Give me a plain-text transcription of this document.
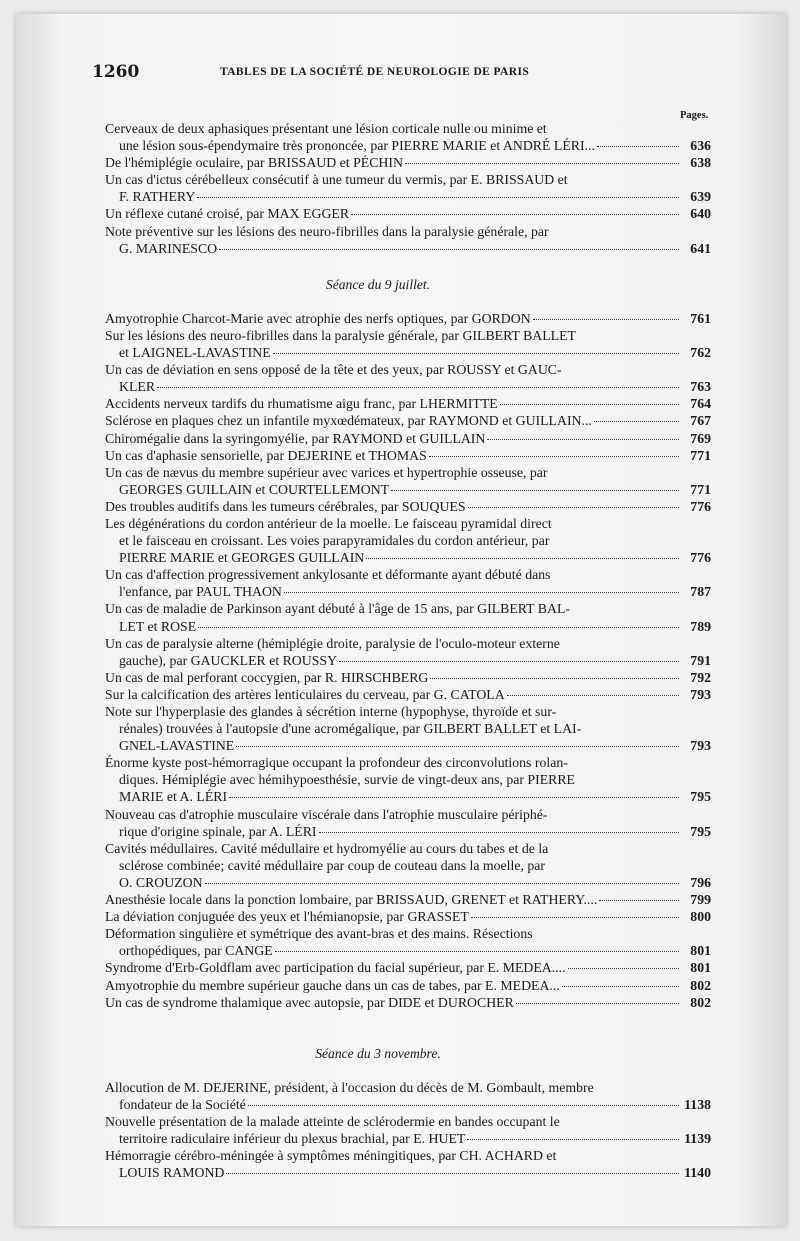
1260	TABLES DE LA SOCIÉTÉ DE NEUROLOGIE DE PARIS
Pages.
Cerveaux de deux aphasiques présentant une lésion corticale nulle ou minime et
une lésion sous-épendymaire très prononcée, par PIERRE MARIE et ANDRÉ LÉRI...	636
De l'hémiplégie oculaire, par BRISSAUD et PÉCHIN	638
Un cas d'ictus cérébelleux consécutif à une tumeur du vermis, par E. BRISSAUD et
F. RATHERY	639
Un réflexe cutané croisé, par MAX EGGER	640
Note préventive sur les lésions des neuro-fibrilles dans la paralysie générale, par
G. MARINESCO	641
Séance du 9 juillet.
Amyotrophie Charcot-Marie avec atrophie des nerfs optiques, par GORDON	761
Sur les lésions des neuro-fibrilles dans la paralysie générale, par GILBERT BALLET
et LAIGNEL-LAVASTINE	762
Un cas de déviation en sens opposé de la tête et des yeux, par ROUSSY et GAUC-
KLER	763
Accidents nerveux tardifs du rhumatisme aigu franc, par LHERMITTE	764
Sclérose en plaques chez un infantile myxœdémateux, par RAYMOND et GUILLAIN...	767
Chiromégalie dans la syringomyélie, par RAYMOND et GUILLAIN	769
Un cas d'aphasie sensorielle, par DEJERINE et THOMAS	771
Un cas de nævus du membre supérieur avec varices et hypertrophie osseuse, par
GEORGES GUILLAIN et COURTELLEMONT	771
Des troubles auditifs dans les tumeurs cérébrales, par SOUQUES	776
Les dégénérations du cordon antérieur de la moelle. Le faisceau pyramidal direct
et le faisceau en croissant. Les voies parapyramidales du cordon antérieur, par
PIERRE MARIE et GEORGES GUILLAIN	776
Un cas d'affection progressivement ankylosante et déformante ayant débuté dans
l'enfance, par PAUL THAON	787
Un cas de maladie de Parkinson ayant débuté à l'âge de 15 ans, par GILBERT BAL-
LET et ROSE	789
Un cas de paralysie alterne (hémiplégie droite, paralysie de l'oculo-moteur externe
gauche), par GAUCKLER et ROUSSY	791
Un cas de mal perforant coccygien, par R. HIRSCHBERG	792
Sur la calcification des artères lenticulaires du cerveau, par G. CATOLA	793
Note sur l'hyperplasie des glandes à sécrétion interne (hypophyse, thyroïde et sur-
rénales) trouvées à l'autopsie d'une acromégalique, par GILBERT BALLET et LAI-
GNEL-LAVASTINE	793
Énorme kyste post-hémorragique occupant la profondeur des circonvolutions rolan-
diques. Hémiplégie avec hémihypoesthésie, survie de vingt-deux ans, par PIERRE
MARIE et A. LÉRI	795
Nouveau cas d'atrophie musculaire viscérale dans l'atrophie musculaire périphé-
rique d'origine spinale, par A. LÉRI	795
Cavités médullaires. Cavité médullaire et hydromyélie au cours du tabes et de la
sclérose combinée; cavité médullaire par coup de couteau dans la moelle, par
O. CROUZON	796
Anesthésie locale dans la ponction lombaire, par BRISSAUD, GRENET et RATHERY....	799
La déviation conjuguée des yeux et l'hémianopsie, par GRASSET	800
Déformation singulière et symétrique des avant-bras et des mains. Résections
orthopédiques, par CANGE	801
Syndrome d'Erb-Goldflam avec participation du facial supérieur, par E. MEDEA....	801
Amyotrophie du membre supérieur gauche dans un cas de tabes, par E. MEDEA...	802
Un cas de syndrome thalamique avec autopsie, par DIDE et DUROCHER	802
Séance du 3 novembre.
Allocution de M. DEJERINE, président, à l'occasion du décès de M. Gombault, membre
fondateur de la Société	1138
Nouvelle présentation de la malade atteinte de sclérodermie en bandes occupant le
territoire radiculaire inférieur du plexus brachial, par E. HUET	1139
Hémorragie cérébro-méningée à symptômes méningitiques, par CH. ACHARD et
LOUIS RAMOND	1140
